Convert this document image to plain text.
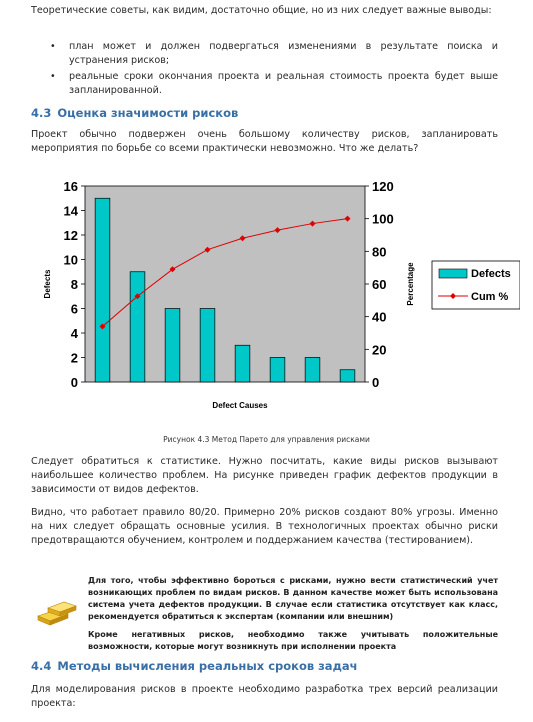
Теоретические советы, как видим, достаточно общие, но из них следует важные выводы:

• план может и должен подвергаться изменениями в результате поиска и устранения рисков;
• реальные сроки окончания проекта и реальная стоимость проекта будет выше запланированной.
4.3 Оценка значимости рисков

Проект обычно подвержен очень большому количеству рисков, запланировать мероприятия по борьбе со всеми практически невозможно. Что же делать?

0
2
4
6
8
10
12
14
16
0
20
40
60
80
100
120
Defect Causes
Defects	Percentage	Defects
Cum %
Рисунок 4.3 Метод Парето для управления рисками

Следует обратиться к статистике. Нужно посчитать, какие виды рисков вызывают наибольшее количество проблем. На рисунке приведен график дефектов продукции в зависимости от видов дефектов.

Видно, что работает правило 80/20. Примерно 20% рисков создают 80% угрозы. Именно на них следует обращать основные усилия. В технологичных проектах обычно риски предотвращаются обучением, контролем и поддержанием качества (тестированием).

Для того, чтобы эффективно бороться с рисками, нужно вести статистический учет возникающих проблем по видам рисков. В данном качестве может быть использована система учета дефектов продукции. В случае если статистика отсутствует как класс, рекомендуется обратиться к экспертам (компании или внешним)

Кроме негативных рисков, необходимо также учитывать положительные возможности, которые могут возникнуть при исполнении проекта

4.4 Методы вычисления реальных сроков задач

Для моделирования рисков в проекте необходимо разработка трех версий реализации проекта:
